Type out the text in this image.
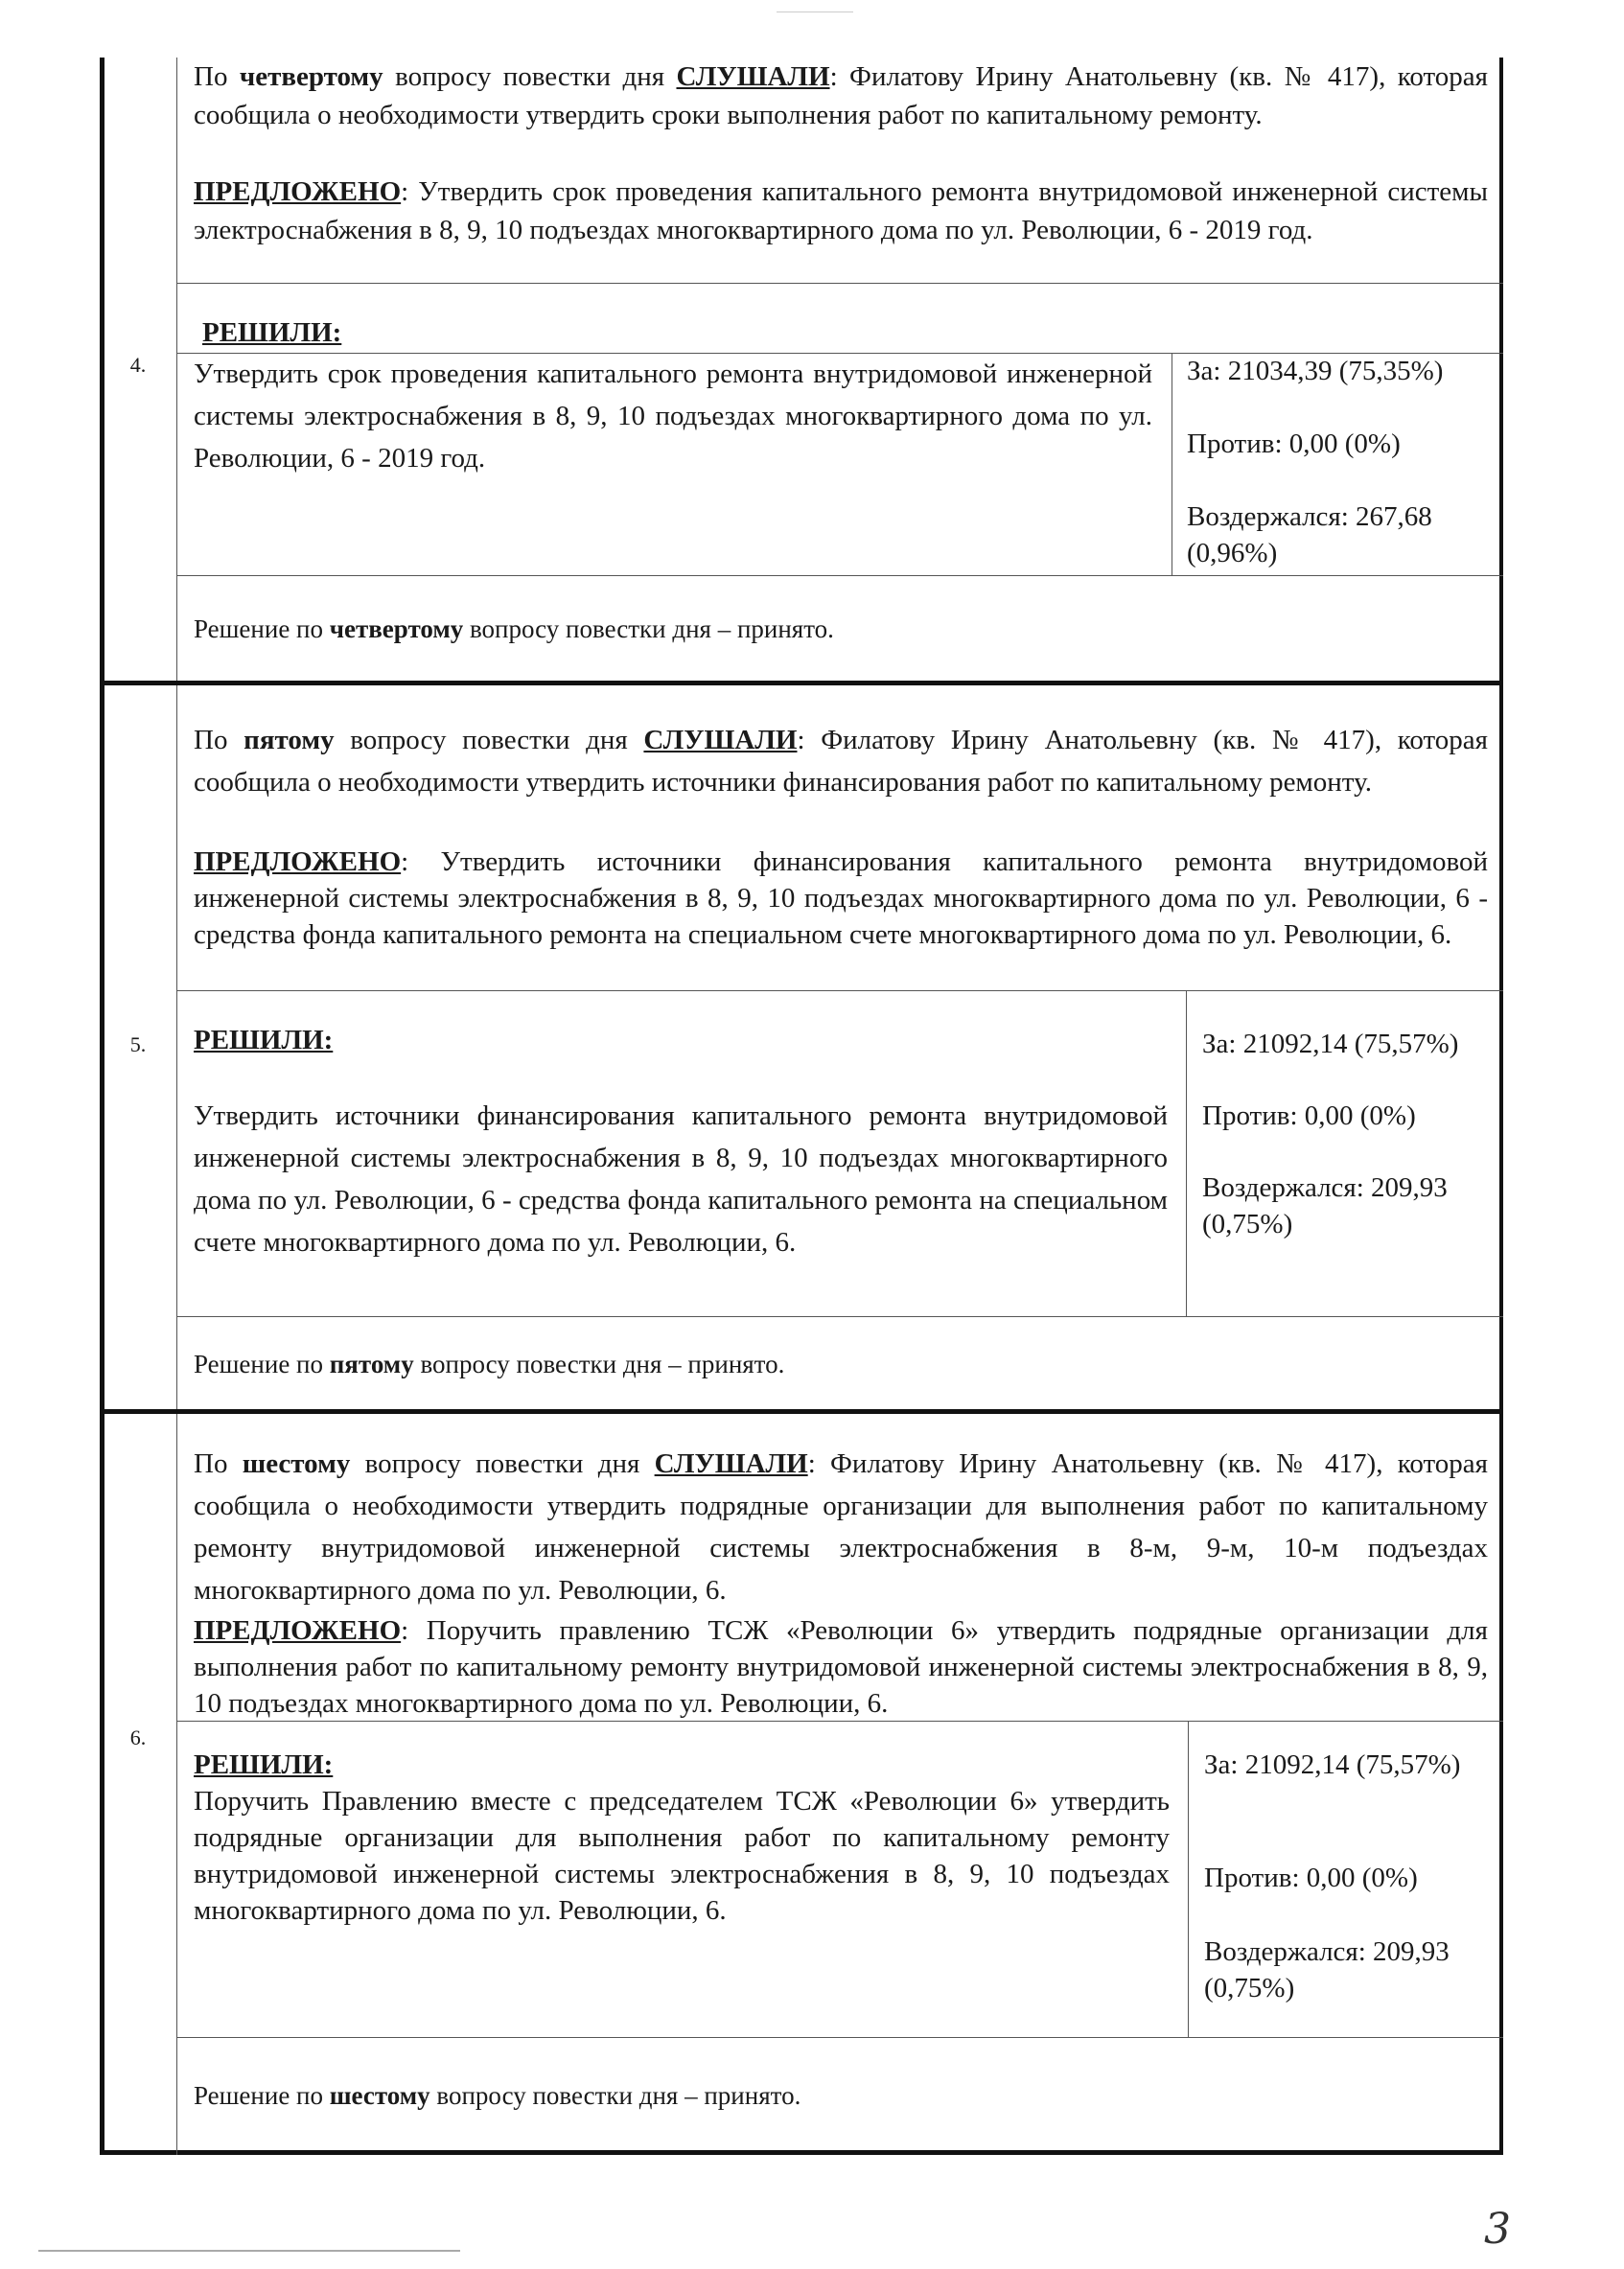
4.
По четвертому вопросу повестки дня СЛУШАЛИ: Филатову Ирину Анатольевну (кв. № 417), которая сообщила о необходимости утвердить сроки выполнения работ по капитальному ремонту.
ПРЕДЛОЖЕНО: Утвердить срок проведения капитального ремонта внутридомовой инженерной системы электроснабжения в 8, 9, 10 подъездах многоквартирного дома по ул. Революции, 6 - 2019 год.
РЕШИЛИ:
Утвердить срок проведения капитального ремонта внутридомовой инженерной системы электроснабжения в 8, 9, 10 подъездах многоквартирного дома по ул. Революции, 6 - 2019 год.
За: 21034,39 (75,35%)
Против: 0,00 (0%)
Воздержался: 267,68 (0,96%)
Решение по четвертому вопросу повестки дня – принято.
5.
По пятому вопросу повестки дня СЛУШАЛИ: Филатову Ирину Анатольевну (кв. № 417), которая сообщила о необходимости утвердить источники финансирования работ по капитальному ремонту.
ПРЕДЛОЖЕНО: Утвердить источники финансирования капитального ремонта внутридомовой инженерной системы электроснабжения в 8, 9, 10 подъездах многоквартирного дома по ул. Революции, 6 - средства фонда капитального ремонта на специальном счете многоквартирного дома по ул. Революции, 6.
РЕШИЛИ:
Утвердить источники финансирования капитального ремонта внутридомовой инженерной системы электроснабжения в 8, 9, 10 подъездах многоквартирного дома по ул. Революции, 6 - средства фонда капитального ремонта на специальном счете многоквартирного дома по ул. Революции, 6.
За: 21092,14 (75,57%)
Против: 0,00 (0%)
Воздержался: 209,93 (0,75%)
Решение по пятому вопросу повестки дня – принято.
6.
По шестому вопросу повестки дня СЛУШАЛИ: Филатову Ирину Анатольевну (кв. № 417), которая сообщила о необходимости утвердить подрядные организации для выполнения работ по капитальному ремонту внутридомовой инженерной системы электроснабжения в 8-м, 9-м, 10-м подъездах многоквартирного дома по ул. Революции, 6.
ПРЕДЛОЖЕНО: Поручить правлению ТСЖ «Революции 6» утвердить подрядные организации для выполнения работ по капитальному ремонту внутридомовой инженерной системы электроснабжения в 8, 9, 10 подъездах многоквартирного дома по ул. Революции, 6.
РЕШИЛИ:
Поручить Правлению вместе с председателем ТСЖ «Революции 6» утвердить подрядные организации для выполнения работ по капитальному ремонту внутридомовой инженерной системы электроснабжения в 8, 9, 10 подъездах многоквартирного дома по ул. Революции, 6.
За: 21092,14 (75,57%)
Против: 0,00 (0%)
Воздержался: 209,93 (0,75%)
Решение по шестому вопросу повестки дня – принято.
3
